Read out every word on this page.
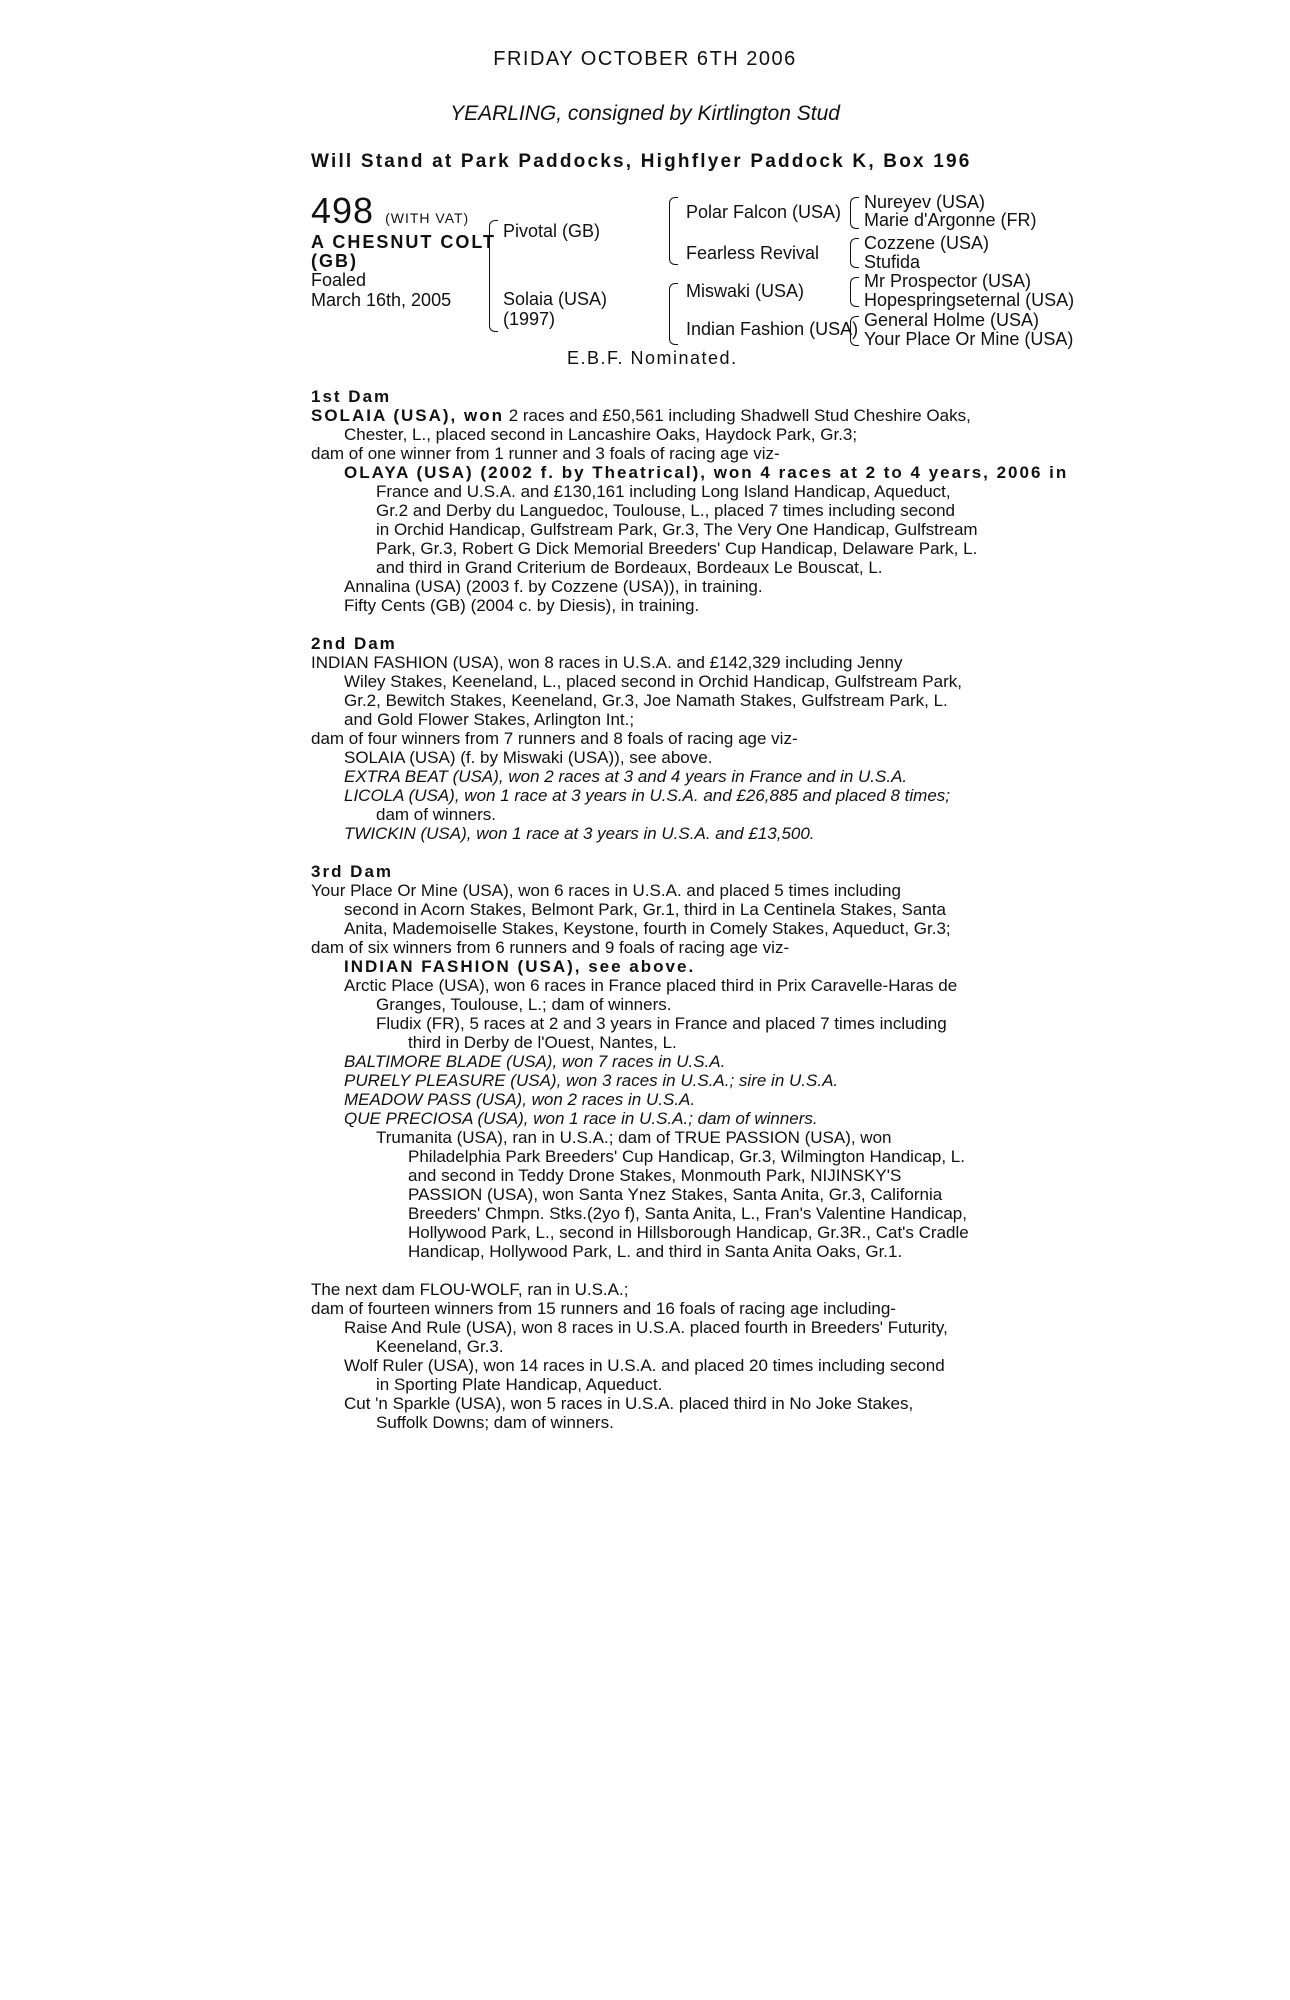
FRIDAY OCTOBER 6TH 2006
YEARLING, consigned by Kirtlington Stud
Will Stand at Park Paddocks, Highflyer Paddock K, Box 196
498 (WITH VAT)
A CHESNUT COLT
(GB)
Foaled
March 16th, 2005
Pivotal (GB)
Solaia (USA)
(1997)
Polar Falcon (USA)
Fearless Revival
Miswaki (USA)
Indian Fashion (USA)
Nureyev (USA)
Marie d'Argonne (FR)
Cozzene (USA)
Stufida
Mr Prospector (USA)
Hopespringseternal (USA)
General Holme (USA)
Your Place Or Mine (USA)
E.B.F. Nominated.

1st Dam

SOLAIA (USA), won 2 races and £50,561 including Shadwell Stud Cheshire Oaks,

Chester, L., placed second in Lancashire Oaks, Haydock Park, Gr.3;

dam of one winner from 1 runner and 3 foals of racing age viz-

OLAYA (USA) (2002 f. by Theatrical), won 4 races at 2 to 4 years, 2006 in

France and U.S.A. and £130,161 including Long Island Handicap, Aqueduct,

Gr.2 and Derby du Languedoc, Toulouse, L., placed 7 times including second

in Orchid Handicap, Gulfstream Park, Gr.3, The Very One Handicap, Gulfstream

Park, Gr.3, Robert G Dick Memorial Breeders' Cup Handicap, Delaware Park, L.

and third in Grand Criterium de Bordeaux, Bordeaux Le Bouscat, L.

Annalina (USA) (2003 f. by Cozzene (USA)), in training.

Fifty Cents (GB) (2004 c. by Diesis), in training.

2nd Dam

INDIAN FASHION (USA), won 8 races in U.S.A. and £142,329 including Jenny

Wiley Stakes, Keeneland, L., placed second in Orchid Handicap, Gulfstream Park,

Gr.2, Bewitch Stakes, Keeneland, Gr.3, Joe Namath Stakes, Gulfstream Park, L.

and Gold Flower Stakes, Arlington Int.;

dam of four winners from 7 runners and 8 foals of racing age viz-

SOLAIA (USA) (f. by Miswaki (USA)), see above.

EXTRA BEAT (USA), won 2 races at 3 and 4 years in France and in U.S.A.

LICOLA (USA), won 1 race at 3 years in U.S.A. and £26,885 and placed 8 times;

dam of winners.

TWICKIN (USA), won 1 race at 3 years in U.S.A. and £13,500.

3rd Dam

Your Place Or Mine (USA), won 6 races in U.S.A. and placed 5 times including

second in Acorn Stakes, Belmont Park, Gr.1, third in La Centinela Stakes, Santa

Anita, Mademoiselle Stakes, Keystone, fourth in Comely Stakes, Aqueduct, Gr.3;

dam of six winners from 6 runners and 9 foals of racing age viz-

INDIAN FASHION (USA), see above.

Arctic Place (USA), won 6 races in France placed third in Prix Caravelle-Haras de

Granges, Toulouse, L.; dam of winners.

Fludix (FR), 5 races at 2 and 3 years in France and placed 7 times including

third in Derby de l'Ouest, Nantes, L.

BALTIMORE BLADE (USA), won 7 races in U.S.A.

PURELY PLEASURE (USA), won 3 races in U.S.A.; sire in U.S.A.

MEADOW PASS (USA), won 2 races in U.S.A.

QUE PRECIOSA (USA), won 1 race in U.S.A.; dam of winners.

Trumanita (USA), ran in U.S.A.; dam of TRUE PASSION (USA), won

Philadelphia Park Breeders' Cup Handicap, Gr.3, Wilmington Handicap, L.

and second in Teddy Drone Stakes, Monmouth Park, NIJINSKY'S

PASSION (USA), won Santa Ynez Stakes, Santa Anita, Gr.3, California

Breeders' Chmpn. Stks.(2yo f), Santa Anita, L., Fran's Valentine Handicap,

Hollywood Park, L., second in Hillsborough Handicap, Gr.3R., Cat's Cradle

Handicap, Hollywood Park, L. and third in Santa Anita Oaks, Gr.1.

The next dam FLOU-WOLF, ran in U.S.A.;

dam of fourteen winners from 15 runners and 16 foals of racing age including-

Raise And Rule (USA), won 8 races in U.S.A. placed fourth in Breeders' Futurity,

Keeneland, Gr.3.

Wolf Ruler (USA), won 14 races in U.S.A. and placed 20 times including second

in Sporting Plate Handicap, Aqueduct.

Cut 'n Sparkle (USA), won 5 races in U.S.A. placed third in No Joke Stakes,

Suffolk Downs; dam of winners.
